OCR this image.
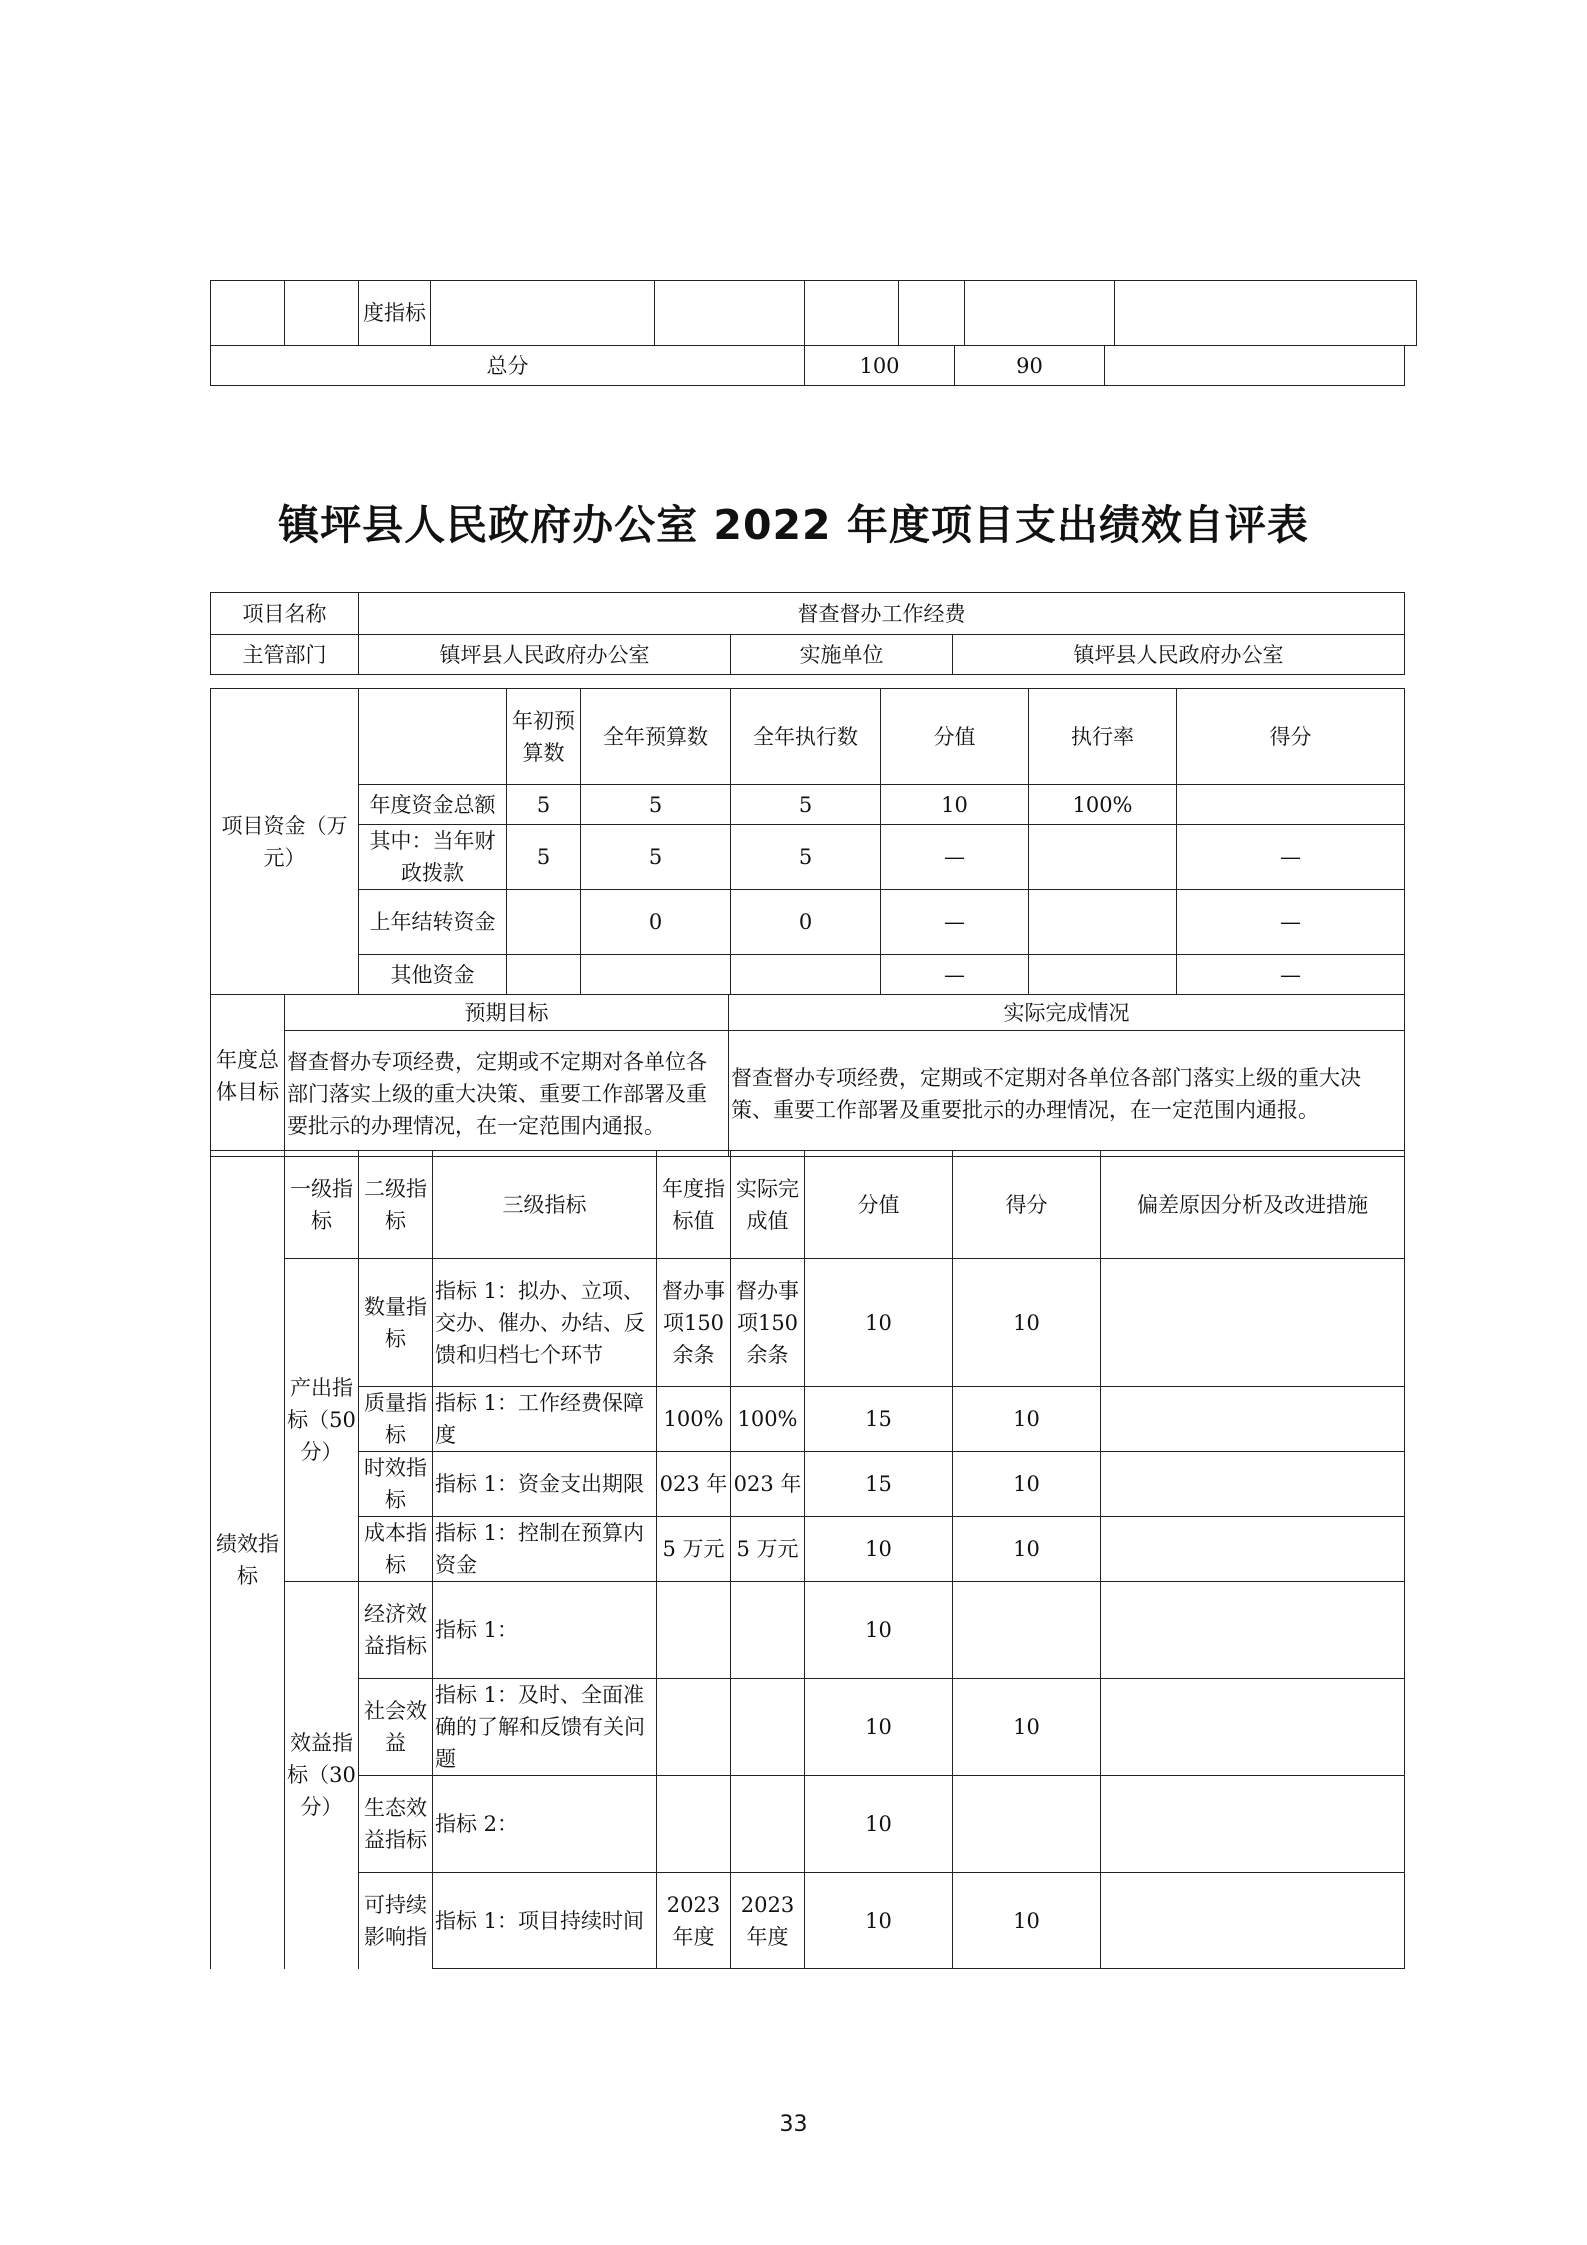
		度指标						
总分	100	90	
镇坪县人民政府办公室 2022 年度项目支出绩效自评表
项目名称	督查督办工作经费		
主管部门	镇坪县人民政府办公室	实施单位	镇坪县人民政府办公室
项目资金（万元）		年初预算数	全年预算数	全年执行数	分值	执行率	得分
	年度资金总额	5	5	5	10	100%	
	其中：当年财政拨款	5	5	5	—		—
	上年结转资金		0	0	—		—
	其他资金				—		—
年度总体目标	预期目标	实际完成情况
	督查督办专项经费，定期或不定期对各单位各部门落实上级的重大决策、重要工作部署及重要批示的办理情况，在一定范围内通报。	督查督办专项经费，定期或不定期对各单位各部门落实上级的重大决策、重要工作部署及重要批示的办理情况，在一定范围内通报。
绩效指标	一级指标	二级指标	三级指标	年度指标值	实际完成值	分值	得分	偏差原因分析及改进措施
	产出指标（50分）	数量指标	指标 1：拟办、立项、交办、催办、办结、反馈和归档七个环节	督办事项150 余条	督办事项150 余条	10	10	
		质量指标	指标 1：工作经费保障度	100%	100%	15	10	
		时效指标	指标 1：资金支出期限	023 年	023 年	15	10	
		成本指标	指标 1：控制在预算内资金	5 万元	5 万元	10	10	
	效益指标（30分）	经济效益指标	指标 1：			10		
		社会效益	指标 1：及时、全面准确的了解和反馈有关问题			10	10	
		生态效益指标	指标 2：			10		
		可持续影响指	指标 1：项目持续时间	2023 年度	2023 年度	10	10	
33
